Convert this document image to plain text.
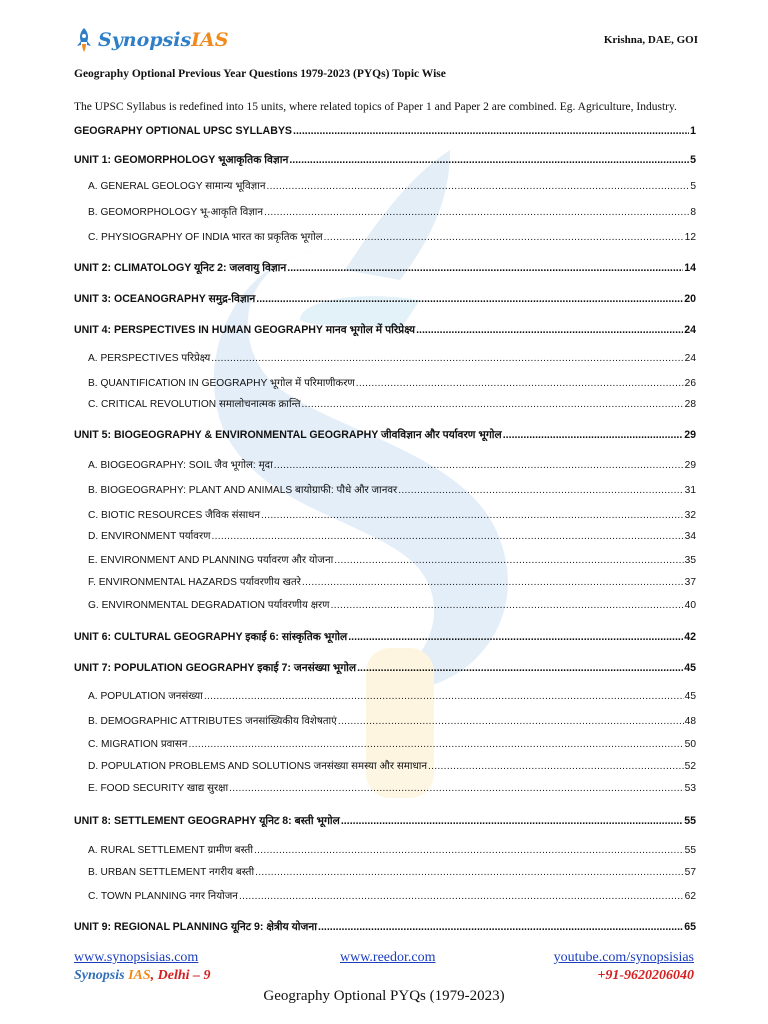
SynopsisIAS	Krishna, DAE, GOI
Geography Optional Previous Year Questions 1979-2023 (PYQs) Topic Wise
The UPSC Syllabus is redefined into 15 units, where related topics of Paper 1 and Paper 2 are combined. Eg. Agriculture, Industry.
GEOGRAPHY OPTIONAL UPSC SYLLABYS .....	1
UNIT 1: GEOMORPHOLOGY भूआकृतिक विज्ञान .....	5
A. GENERAL GEOLOGY सामान्य भूविज्ञान .....	5
B. GEOMORPHOLOGY भू-आकृति विज्ञान .....	8
C. PHYSIOGRAPHY OF INDIA भारत का प्रकृतिक भूगोल .....	12
UNIT 2: CLIMATOLOGY यूनिट 2: जलवायु विज्ञान .....	14
UNIT 3: OCEANOGRAPHY समुद्र-विज्ञान .....	20
UNIT 4: PERSPECTIVES IN HUMAN GEOGRAPHY मानव भूगोल में परिप्रेक्ष्य .....	24
A. PERSPECTIVES परिप्रेक्ष्य .....	24
B. QUANTIFICATION IN GEOGRAPHY भूगोल में परिमाणीकरण .....	26
C. CRITICAL REVOLUTION समालोचनात्मक क्रान्ति .....	28
UNIT 5: BIOGEOGRAPHY & ENVIRONMENTAL GEOGRAPHY जीवविज्ञान और पर्यावरण भूगोल .....	29
A. BIOGEOGRAPHY: SOIL जैव भूगोल: मृदा .....	29
B. BIOGEOGRAPHY: PLANT AND ANIMALS बायोग्राफी: पौधे और जानवर .....	31
C. BIOTIC RESOURCES जैविक संसाधन .....	32
D. ENVIRONMENT पर्यावरण .....	34
E. ENVIRONMENT AND PLANNING पर्यावरण और योजना .....	35
F. ENVIRONMENTAL HAZARDS पर्यावरणीय खतरे .....	37
G. ENVIRONMENTAL DEGRADATION पर्यावरणीय क्षरण .....	40
UNIT 6: CULTURAL GEOGRAPHY इकाई 6: सांस्कृतिक भूगोल .....	42
UNIT 7: POPULATION GEOGRAPHY इकाई 7: जनसंख्या भूगोल .....	45
A. POPULATION जनसंख्या .....	45
B. DEMOGRAPHIC ATTRIBUTES जनसांख्यिकीय विशेषताएं .....	48
C. MIGRATION प्रवासन .....	50
D. POPULATION PROBLEMS AND SOLUTIONS जनसंख्या समस्या और समाधान .....	52
E. FOOD SECURITY खाद्य सुरक्षा .....	53
UNIT 8: SETTLEMENT GEOGRAPHY यूनिट 8: बस्ती भूगोल .....	55
A. RURAL SETTLEMENT ग्रामीण बस्ती .....	55
B. URBAN SETTLEMENT नगरीय बस्ती .....	57
C. TOWN PLANNING नगर नियोजन .....	62
UNIT 9: REGIONAL PLANNING यूनिट 9: क्षेत्रीय योजना .....	65
www.synopsisias.com	www.reedor.com	youtube.com/synopsisias
Synopsis IAS, Delhi – 9	+91-9620206040
Geography Optional PYQs (1979-2023)
